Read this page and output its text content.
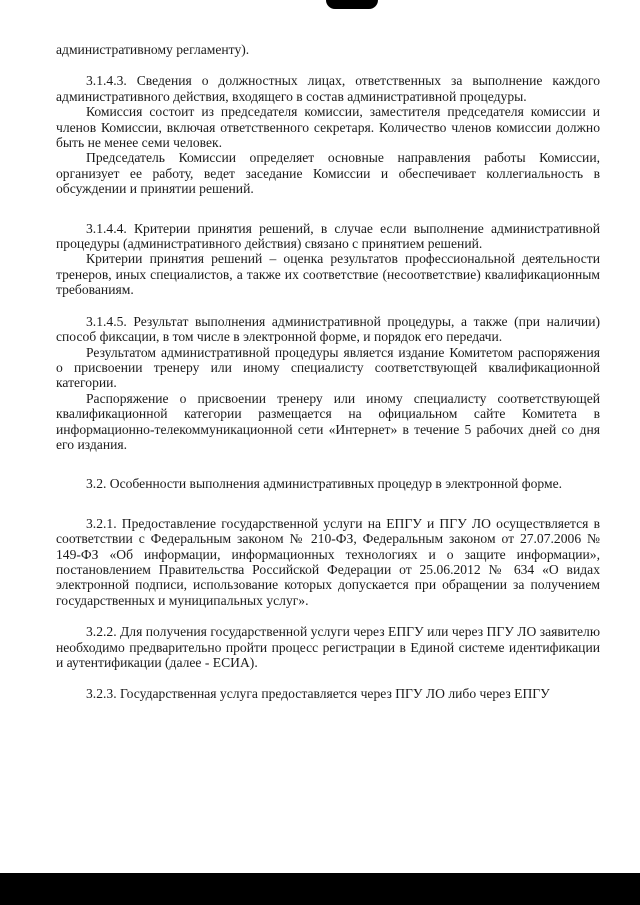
административному регламенту).

3.1.4.3. Сведения о должностных лицах, ответственных за выполнение каждого административного действия, входящего в состав административной процедуры.

Комиссия состоит из председателя комиссии, заместителя председателя комиссии и членов Комиссии, включая ответственного секретаря. Количество членов комиссии должно быть не менее семи человек.

Председатель Комиссии определяет основные направления работы Комиссии, организует ее работу, ведет заседание Комиссии и обеспечивает коллегиальность в обсуждении и принятии решений.

3.1.4.4. Критерии принятия решений, в случае если выполнение административной процедуры (административного действия) связано с принятием решений.

Критерии принятия решений – оценка результатов профессиональной деятельности тренеров, иных специалистов, а также их соответствие (несоответствие) квалификационным требованиям.

3.1.4.5. Результат выполнения административной процедуры, а также (при наличии) способ фиксации, в том числе в электронной форме, и порядок его передачи.

Результатом административной процедуры является издание Комитетом распоряжения о присвоении тренеру или иному специалисту соответствующей квалификационной категории.

Распоряжение о присвоении тренеру или иному специалисту соответствующей квалификационной категории размещается на официальном сайте Комитета в информационно-телекоммуникационной сети «Интернет» в течение 5 рабочих дней со дня его издания.

3.2. Особенности выполнения административных процедур в электронной форме.

3.2.1. Предоставление государственной услуги на ЕПГУ и ПГУ ЛО осуществляется в соответствии с Федеральным законом № 210-ФЗ, Федеральным законом от 27.07.2006 № 149-ФЗ «Об информации, информационных технологиях и о защите информации», постановлением Правительства Российской Федерации от 25.06.2012 № 634 «О видах электронной подписи, использование которых допускается при обращении за получением государственных и муниципальных услуг».

3.2.2. Для получения государственной услуги через ЕПГУ или через ПГУ ЛО заявителю необходимо предварительно пройти процесс регистрации в Единой системе идентификации и аутентификации (далее - ЕСИА).

3.2.3. Государственная услуга предоставляется через ПГУ ЛО либо через ЕПГУ
